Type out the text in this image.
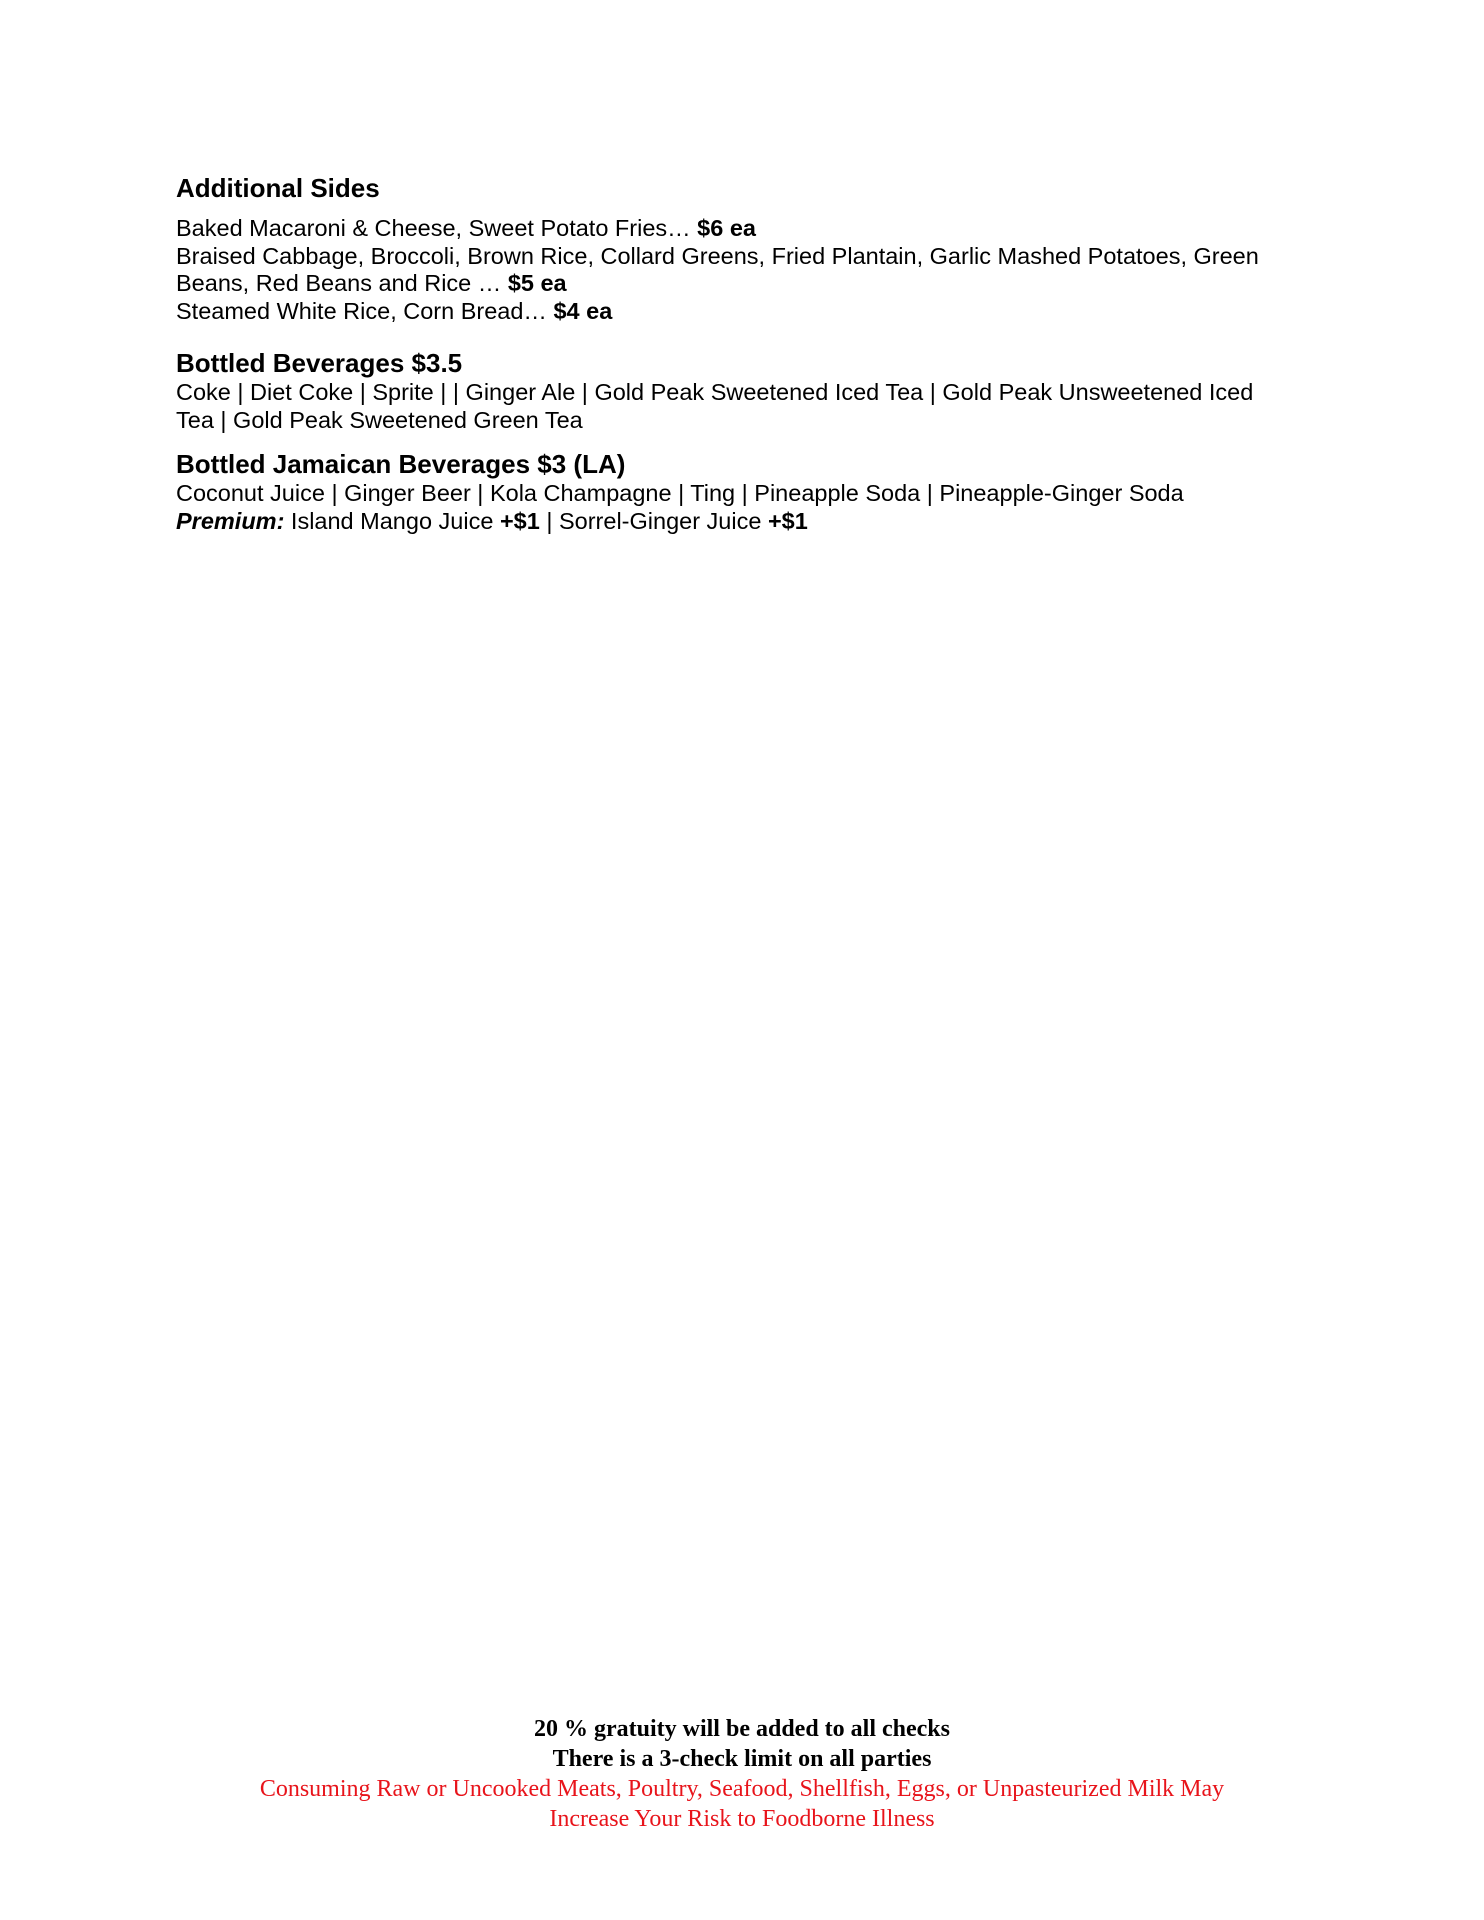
Additional Sides

Baked Macaroni & Cheese, Sweet Potato Fries… $6 ea

Braised Cabbage, Broccoli, Brown Rice, Collard Greens, Fried Plantain, Garlic Mashed Potatoes, Green

Beans, Red Beans and Rice … $5 ea

Steamed White Rice, Corn Bread… $4 ea

Bottled Beverages $3.5

Coke | Diet Coke | Sprite | | Ginger Ale | Gold Peak Sweetened Iced Tea | Gold Peak Unsweetened Iced

Tea | Gold Peak Sweetened Green Tea

Bottled Jamaican Beverages $3 (LA)

Coconut Juice | Ginger Beer | Kola Champagne | Ting | Pineapple Soda | Pineapple-Ginger Soda

Premium: Island Mango Juice +$1 | Sorrel-Ginger Juice +$1

20 % gratuity will be added to all checks

There is a 3-check limit on all parties

Consuming Raw or Uncooked Meats, Poultry, Seafood, Shellfish, Eggs, or Unpasteurized Milk May

Increase Your Risk to Foodborne Illness
